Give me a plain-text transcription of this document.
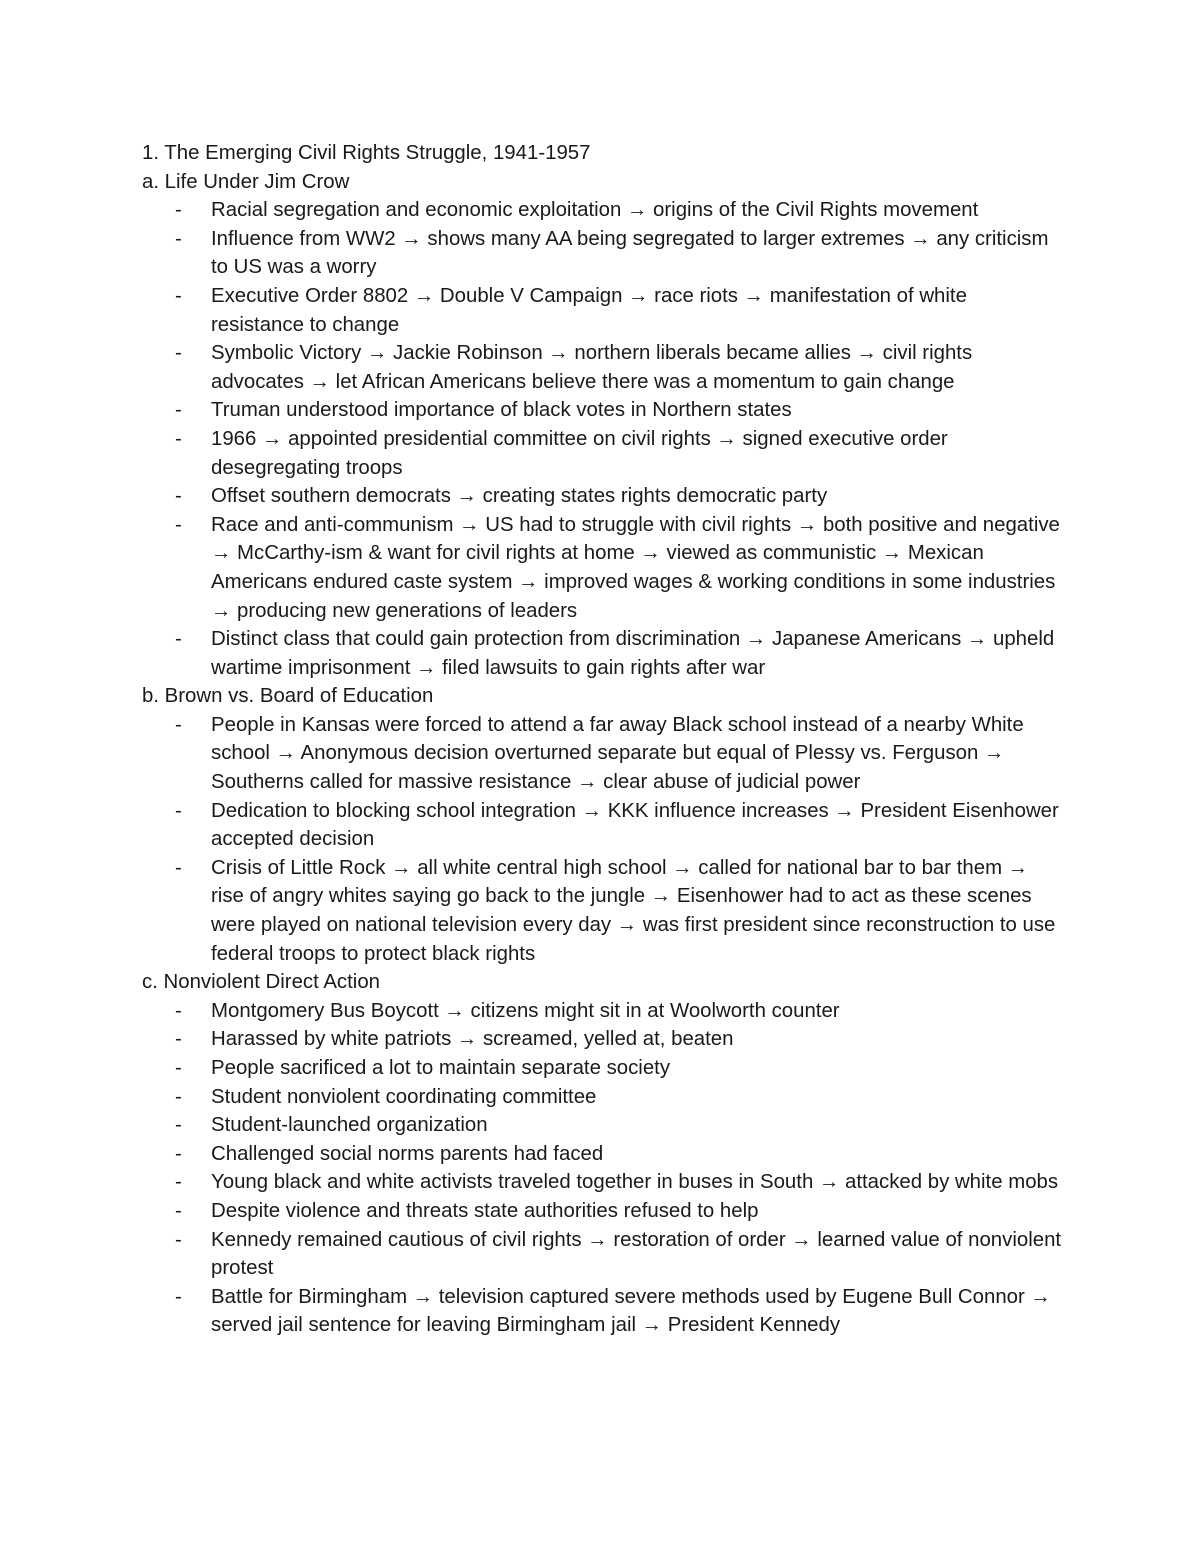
1. The Emerging Civil Rights Struggle, 1941-1957
a. Life Under Jim Crow
- Racial segregation and economic exploitation → origins of the Civil Rights movement
- Influence from WW2 → shows many AA being segregated to larger extremes → any criticism to US was a worry
- Executive Order 8802 → Double V Campaign → race riots → manifestation of white resistance to change
- Symbolic Victory → Jackie Robinson → northern liberals became allies → civil rights advocates → let African Americans believe there was a momentum to gain change
- Truman understood importance of black votes in Northern states
- 1966 → appointed presidential committee on civil rights → signed executive order desegregating troops
- Offset southern democrats → creating states rights democratic party
- Race and anti-communism → US had to struggle with civil rights → both positive and negative → McCarthy-ism & want for civil rights at home → viewed as communistic → Mexican Americans endured caste system → improved wages & working conditions in some industries → producing new generations of leaders
- Distinct class that could gain protection from discrimination → Japanese Americans → upheld wartime imprisonment → filed lawsuits to gain rights after war
b. Brown vs. Board of Education
- People in Kansas were forced to attend a far away Black school instead of a nearby White school → Anonymous decision overturned separate but equal of Plessy vs. Ferguson → Southerns called for massive resistance → clear abuse of judicial power
- Dedication to blocking school integration → KKK influence increases → President Eisenhower accepted decision
- Crisis of Little Rock → all white central high school → called for national bar to bar them → rise of angry whites saying go back to the jungle → Eisenhower had to act as these scenes were played on national television every day → was first president since reconstruction to use federal troops to protect black rights
c. Nonviolent Direct Action
- Montgomery Bus Boycott → citizens might sit in at Woolworth counter
- Harassed by white patriots → screamed, yelled at, beaten
- People sacrificed a lot to maintain separate society
- Student nonviolent coordinating committee
- Student-launched organization
- Challenged social norms parents had faced
- Young black and white activists traveled together in buses in South → attacked by white mobs
- Despite violence and threats state authorities refused to help
- Kennedy remained cautious of civil rights → restoration of order → learned value of nonviolent protest
- Battle for Birmingham → television captured severe methods used by Eugene Bull Connor → served jail sentence for leaving Birmingham jail → President Kennedy
